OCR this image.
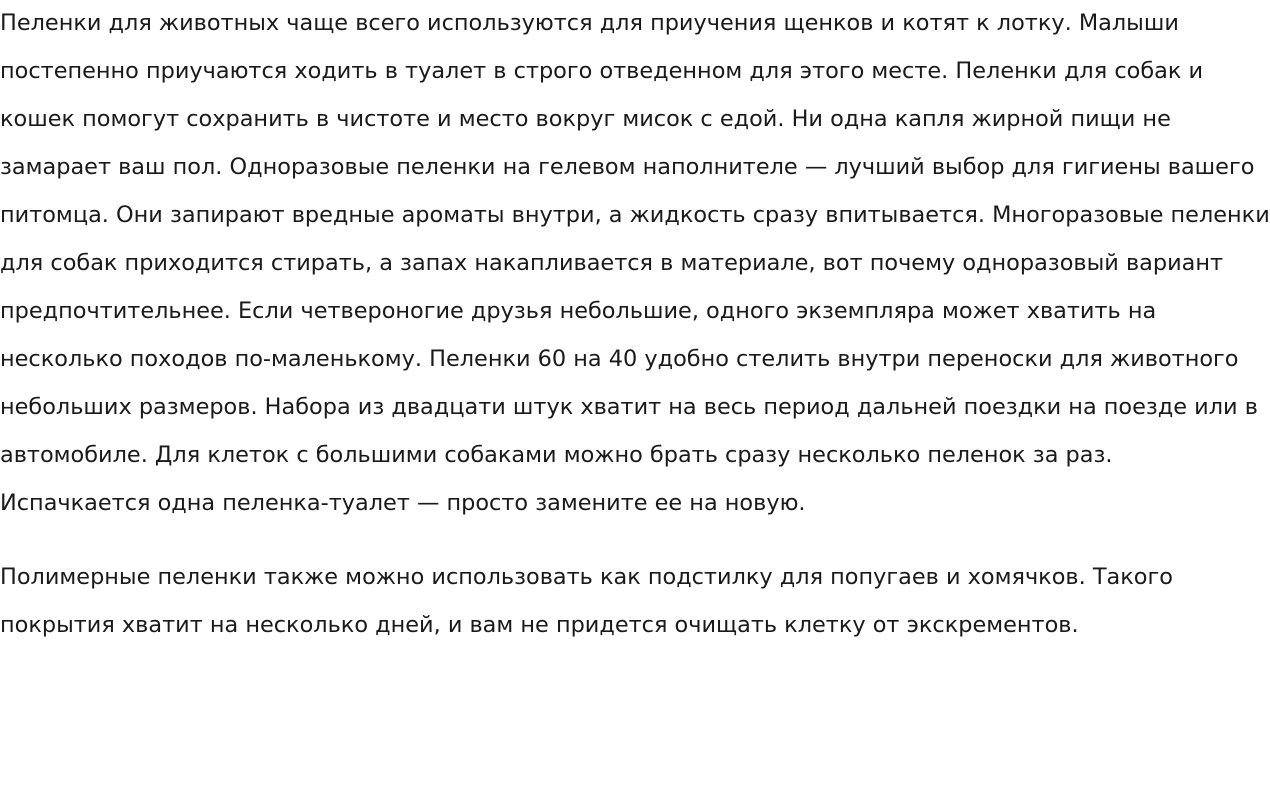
Пеленки для животных чаще всего используются для приучения щенков и котят к лотку. Малыши постепенно приучаются ходить в туалет в строго отведенном для этого месте. Пеленки для собак и кошек помогут сохранить в чистоте и место вокруг мисок с едой. Ни одна капля жирной пищи не замарает ваш пол. Одноразовые пеленки на гелевом наполнителе — лучший выбор для гигиены вашего питомца. Они запирают вредные ароматы внутри, а жидкость сразу впитывается. Многоразовые пеленки для собак приходится стирать, а запах накапливается в материале, вот почему одноразовый вариант предпочтительнее. Если четвероногие друзья небольшие, одного экземпляра может хватить на несколько походов по-маленькому. Пеленки 60 на 40 удобно стелить внутри переноски для животного небольших размеров. Набора из двадцати штук хватит на весь период дальней поездки на поезде или в автомобиле. Для клеток с большими собаками можно брать сразу несколько пеленок за раз. Испачкается одна пеленка-туалет — просто замените ее на новую.

Полимерные пеленки также можно использовать как подстилку для попугаев и хомячков. Такого покрытия хватит на несколько дней, и вам не придется очищать клетку от экскрементов.
